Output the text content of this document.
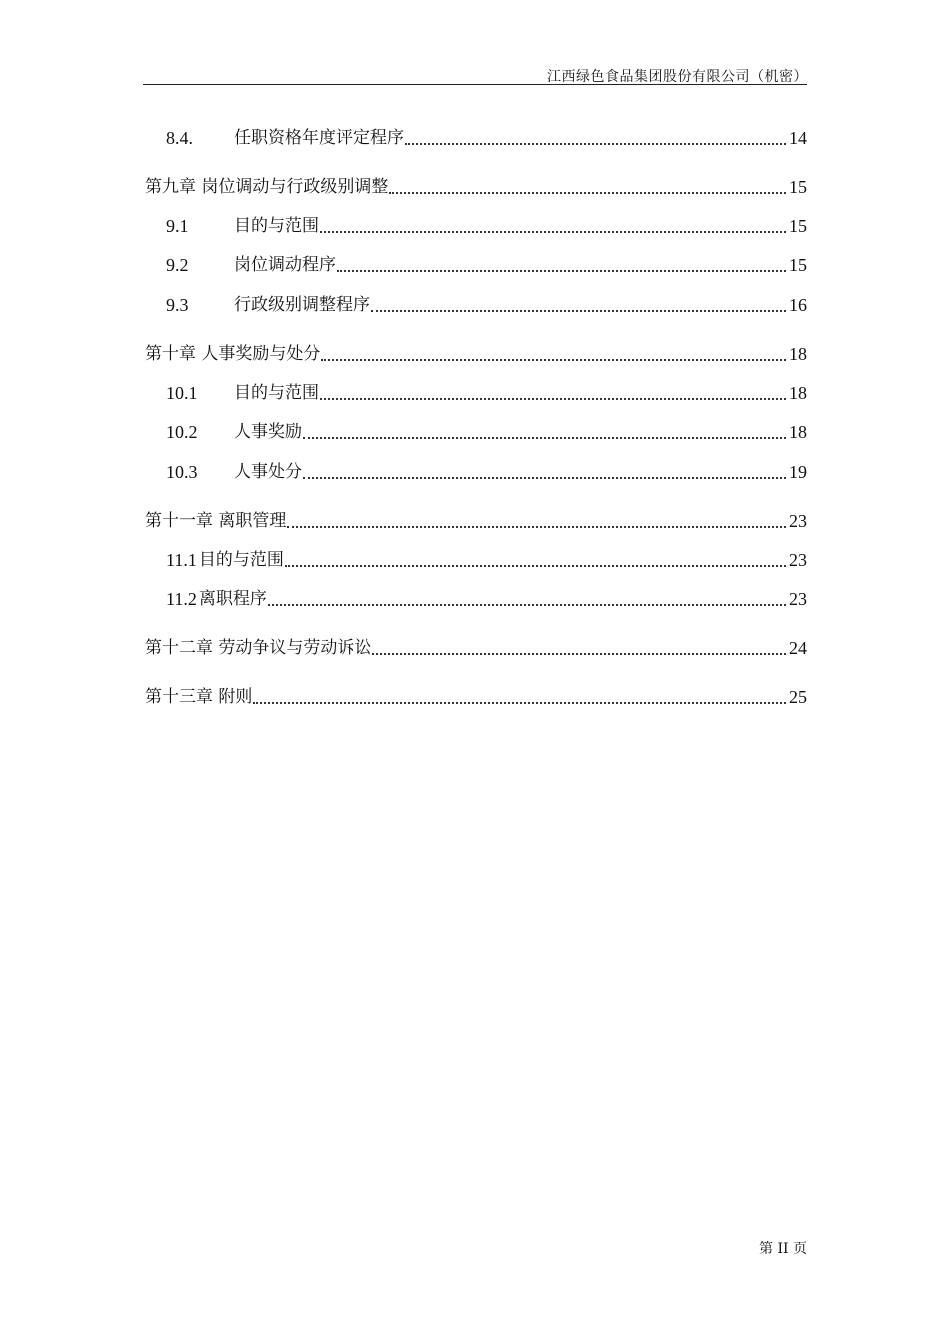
江西绿色食品集团股份有限公司（机密）
8.4.	任职资格年度评定程序	14
第九章 岗位调动与行政级别调整	15
9.1	目的与范围	15
9.2	岗位调动程序	15
9.3	行政级别调整程序	16
第十章 人事奖励与处分	18
10.1	目的与范围	18
10.2	人事奖励	18
10.3	人事处分	19
第十一章 离职管理	23
11.1 目的与范围	23
11.2 离职程序	23
第十二章 劳动争议与劳动诉讼	24
第十三章 附则	25
第 II 页
